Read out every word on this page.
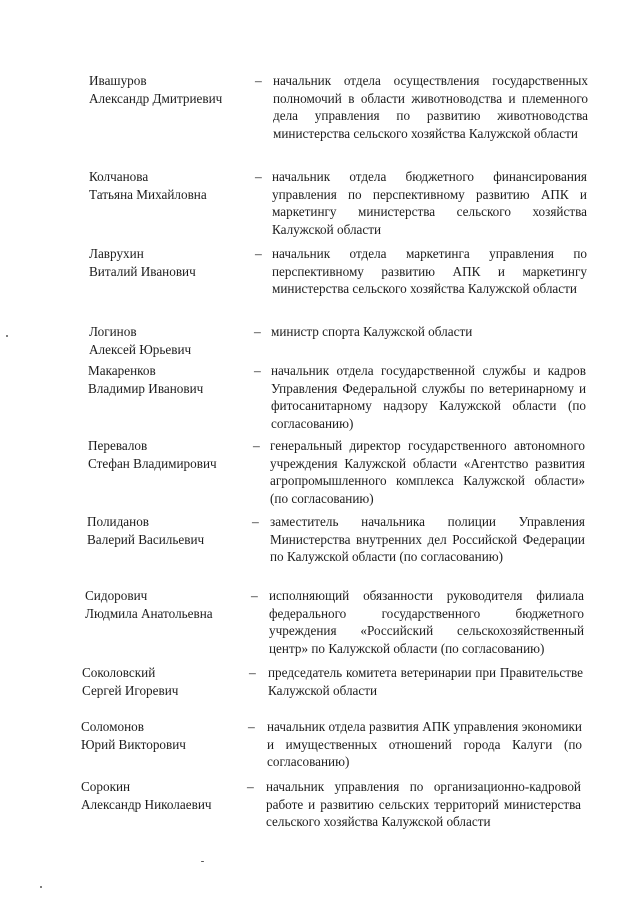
Ивашуров
Александр Дмитриевич
– начальник отдела осуществления государственных полномочий в области животноводства и племенного дела управления по развитию животноводства министерства сельского хозяйства Калужской области
Колчанова
Татьяна Михайловна
– начальник отдела бюджетного финансирования управления по перспективному развитию АПК и маркетингу министерства сельского хозяйства Калужской области
Лаврухин
Виталий Иванович
– начальник отдела маркетинга управления по перспективному развитию АПК и маркетингу министерства сельского хозяйства Калужской области
Логинов
Алексей Юрьевич
– министр спорта Калужской области
Макаренков
Владимир Иванович
– начальник отдела государственной службы и кадров Управления Федеральной службы по ветеринарному и фитосанитарному надзору Калужской области (по согласованию)
Перевалов
Стефан Владимирович
– генеральный директор государственного автономного учреждения Калужской области «Агентство развития агропромышленного комплекса Калужской области» (по согласованию)
Полиданов
Валерий Васильевич
– заместитель начальника полиции Управления Министерства внутренних дел Российской Федерации по Калужской области (по согласованию)
Сидорович
Людмила Анатольевна
– исполняющий обязанности руководителя филиала федерального государственного бюджетного учреждения «Российский сельскохозяйственный центр» по Калужской области (по согласованию)
Соколовский
Сергей Игоревич
– председатель комитета ветеринарии при Правительстве Калужской области
Соломонов
Юрий Викторович
– начальник отдела развития АПК управления экономики и имущественных отношений города Калуги (по согласованию)
Сорокин
Александр Николаевич
– начальник управления по организационно-кадровой работе и развитию сельских территорий министерства сельского хозяйства Калужской области
